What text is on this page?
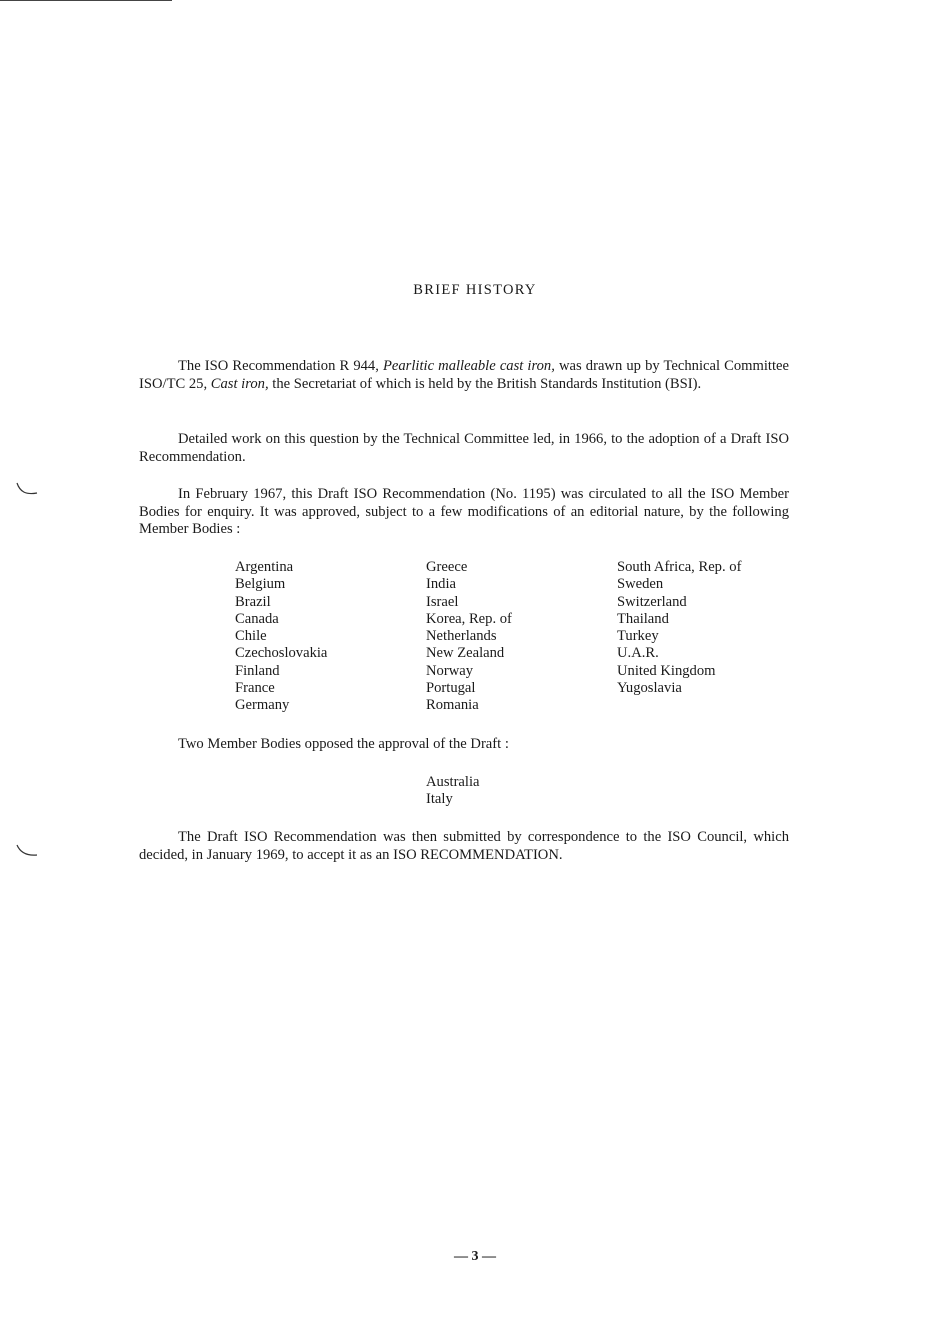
BRIEF HISTORY
The ISO Recommendation R 944, Pearlitic malleable cast iron, was drawn up by Technical Committee ISO/TC 25, Cast iron, the Secretariat of which is held by the British Standards Institution (BSI).
Detailed work on this question by the Technical Committee led, in 1966, to the adoption of a Draft ISO Recommendation.
In February 1967, this Draft ISO Recommendation (No. 1195) was circulated to all the ISO Member Bodies for enquiry. It was approved, subject to a few modifications of an editorial nature, by the following Member Bodies :
Argentina
Belgium
Brazil
Canada
Chile
Czechoslovakia
Finland
France
Germany
Greece
India
Israel
Korea, Rep. of
Netherlands
New Zealand
Norway
Portugal
Romania
South Africa, Rep. of
Sweden
Switzerland
Thailand
Turkey
U.A.R.
United Kingdom
Yugoslavia
Two Member Bodies opposed the approval of the Draft :
Australia
Italy
The Draft ISO Recommendation was then submitted by correspondence to the ISO Council, which decided, in January 1969, to accept it as an ISO RECOMMENDATION.
— 3 —
